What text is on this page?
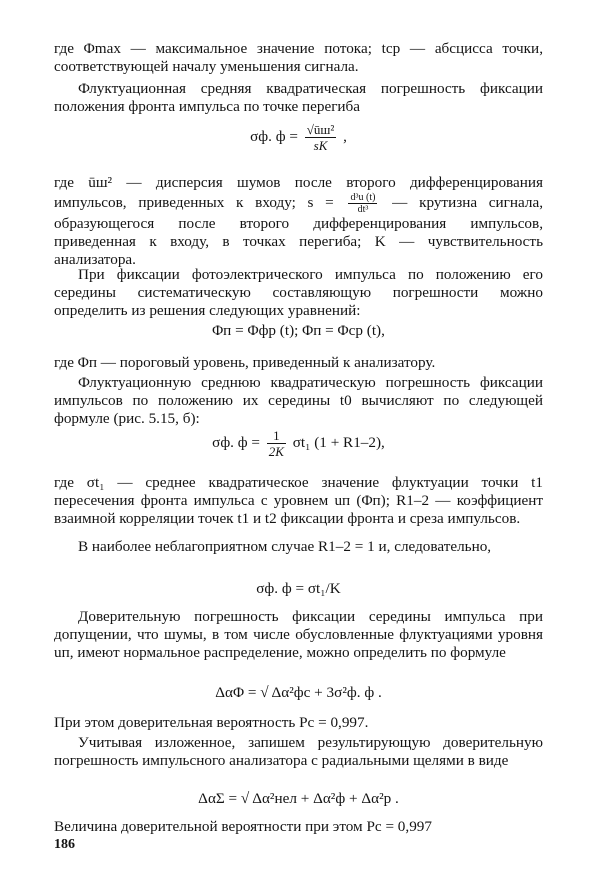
где Φmax — максимальное значение потока; tср — абсцисса точки, соответствующей началу уменьшения сигнала.

Флуктуационная средняя квадратическая погрешность фиксации положения фронта импульса по точке перегиба

σф. $ф = \frac{\text{√ūш²}}{sK}$ ,

где ūш² — дисперсия шумов после второго дифференцирования импульсов, приведенных к входу; $s = \frac{\text{d³u (t)}}{\text{dt³}}$ — крутизна сигнала, образующегося после второго дифференцирования импульсов, приведенная к входу, в точках перегиба; K — чувствительность анализатора.

При фиксации фотоэлектрического импульса по положению его середины систематическую составляющую погрешности можно определить из решения следующих уравнений:

Φп = Φфр (t); Φп = Φср (t),

где Φп — пороговый уровень, приведенный к анализатору.

Флуктуационную среднюю квадратическую погрешность фиксации импульсов по положению их середины t0 вычисляют по следующей формуле (рис. 5.15, б):

σф. $ф = \frac{1}{2K} \sigma t_1$ (1 + R1–2),

где σt₁ — среднее квадратическое значение флуктуации точки t1 пересечения фронта импульса с уровнем uп (Φп); R1–2 — коэффициент взаимной корреляции точек t1 и t2 фиксации фронта и среза импульсов.

В наиболее неблагоприятном случае R1–2 = 1 и, следовательно,

σф. ф = σt₁/K

Доверительную погрешность фиксации середины импульса при допущении, что шумы, в том числе обусловленные флуктуациями уровня uп, имеют нормальное распределение, можно определить по формуле

ΔαΦ = √ Δα²фс + 3σ²ф. ф .

При этом доверительная вероятность Pс = 0,997.

Учитывая изложенное, запишем результирующую доверительную погрешность импульсного анализатора с радиальными щелями в виде

ΔαΣ = √ Δα²нел + Δα²ф + Δα²р .

Величина доверительной вероятности при этом Pс = 0,997

186
